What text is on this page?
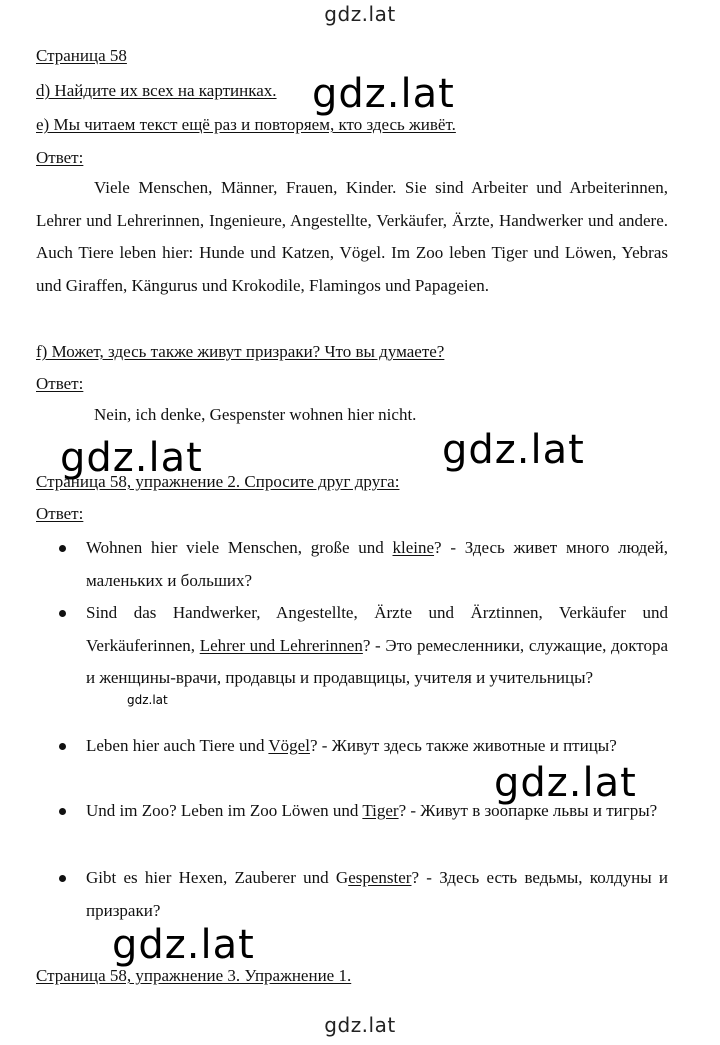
gdz.lat
Страница 58
d) Найдите их всех на картинках. gdz.lat
e) Мы читаем текст ещё раз и повторяем, кто здесь живёт.
Ответ:
Viele Menschen, Männer, Frauen, Kinder. Sie sind Arbeiter und Arbeiterinnen, Lehrer und Lehrerinnen, Ingenieure, Angestellte, Verkäufer, Ärzte, Handwerker und andere. Auch Tiere leben hier: Hunde und Katzen, Vögel. Im Zoo leben Tiger und Löwen, Yebras und Giraffen, Kängurus und Krokodile, Flamingos und Papageien.
f) Может, здесь также живут призраки? Что вы думаете?
Ответ:
Nein, ich denke, Gespenster wohnen hier nicht.
gdz.lat	gdz.lat
Страница 58, упражнение 2. Спросите друг друга:
Ответ:
Wohnen hier viele Menschen, große und kleine? - Здесь живет много людей, маленьких и больших?
Sind das Handwerker, Angestellte, Ärzte und Ärztinnen, Verkäufer und Verkäuferinnen, Lehrer und Lehrerinnen? - Это ремесленники, служащие, доктора и женщины-врачи, продавцы и продавщицы, учителя и учительницы?
gdz.lat
Leben hier auch Tiere und Vögel? - Живут здесь также животные и птицы?
gdz.lat
Und im Zoo? Leben im Zoo Löwen und Tiger? - Живут в зоопарке львы и тигры?
Gibt es hier Hexen, Zauberer und Gespenster? - Здесь есть ведьмы, колдуны и призраки?
gdz.lat
Страница 58, упражнение 3. Упражнение 1.
gdz.lat
